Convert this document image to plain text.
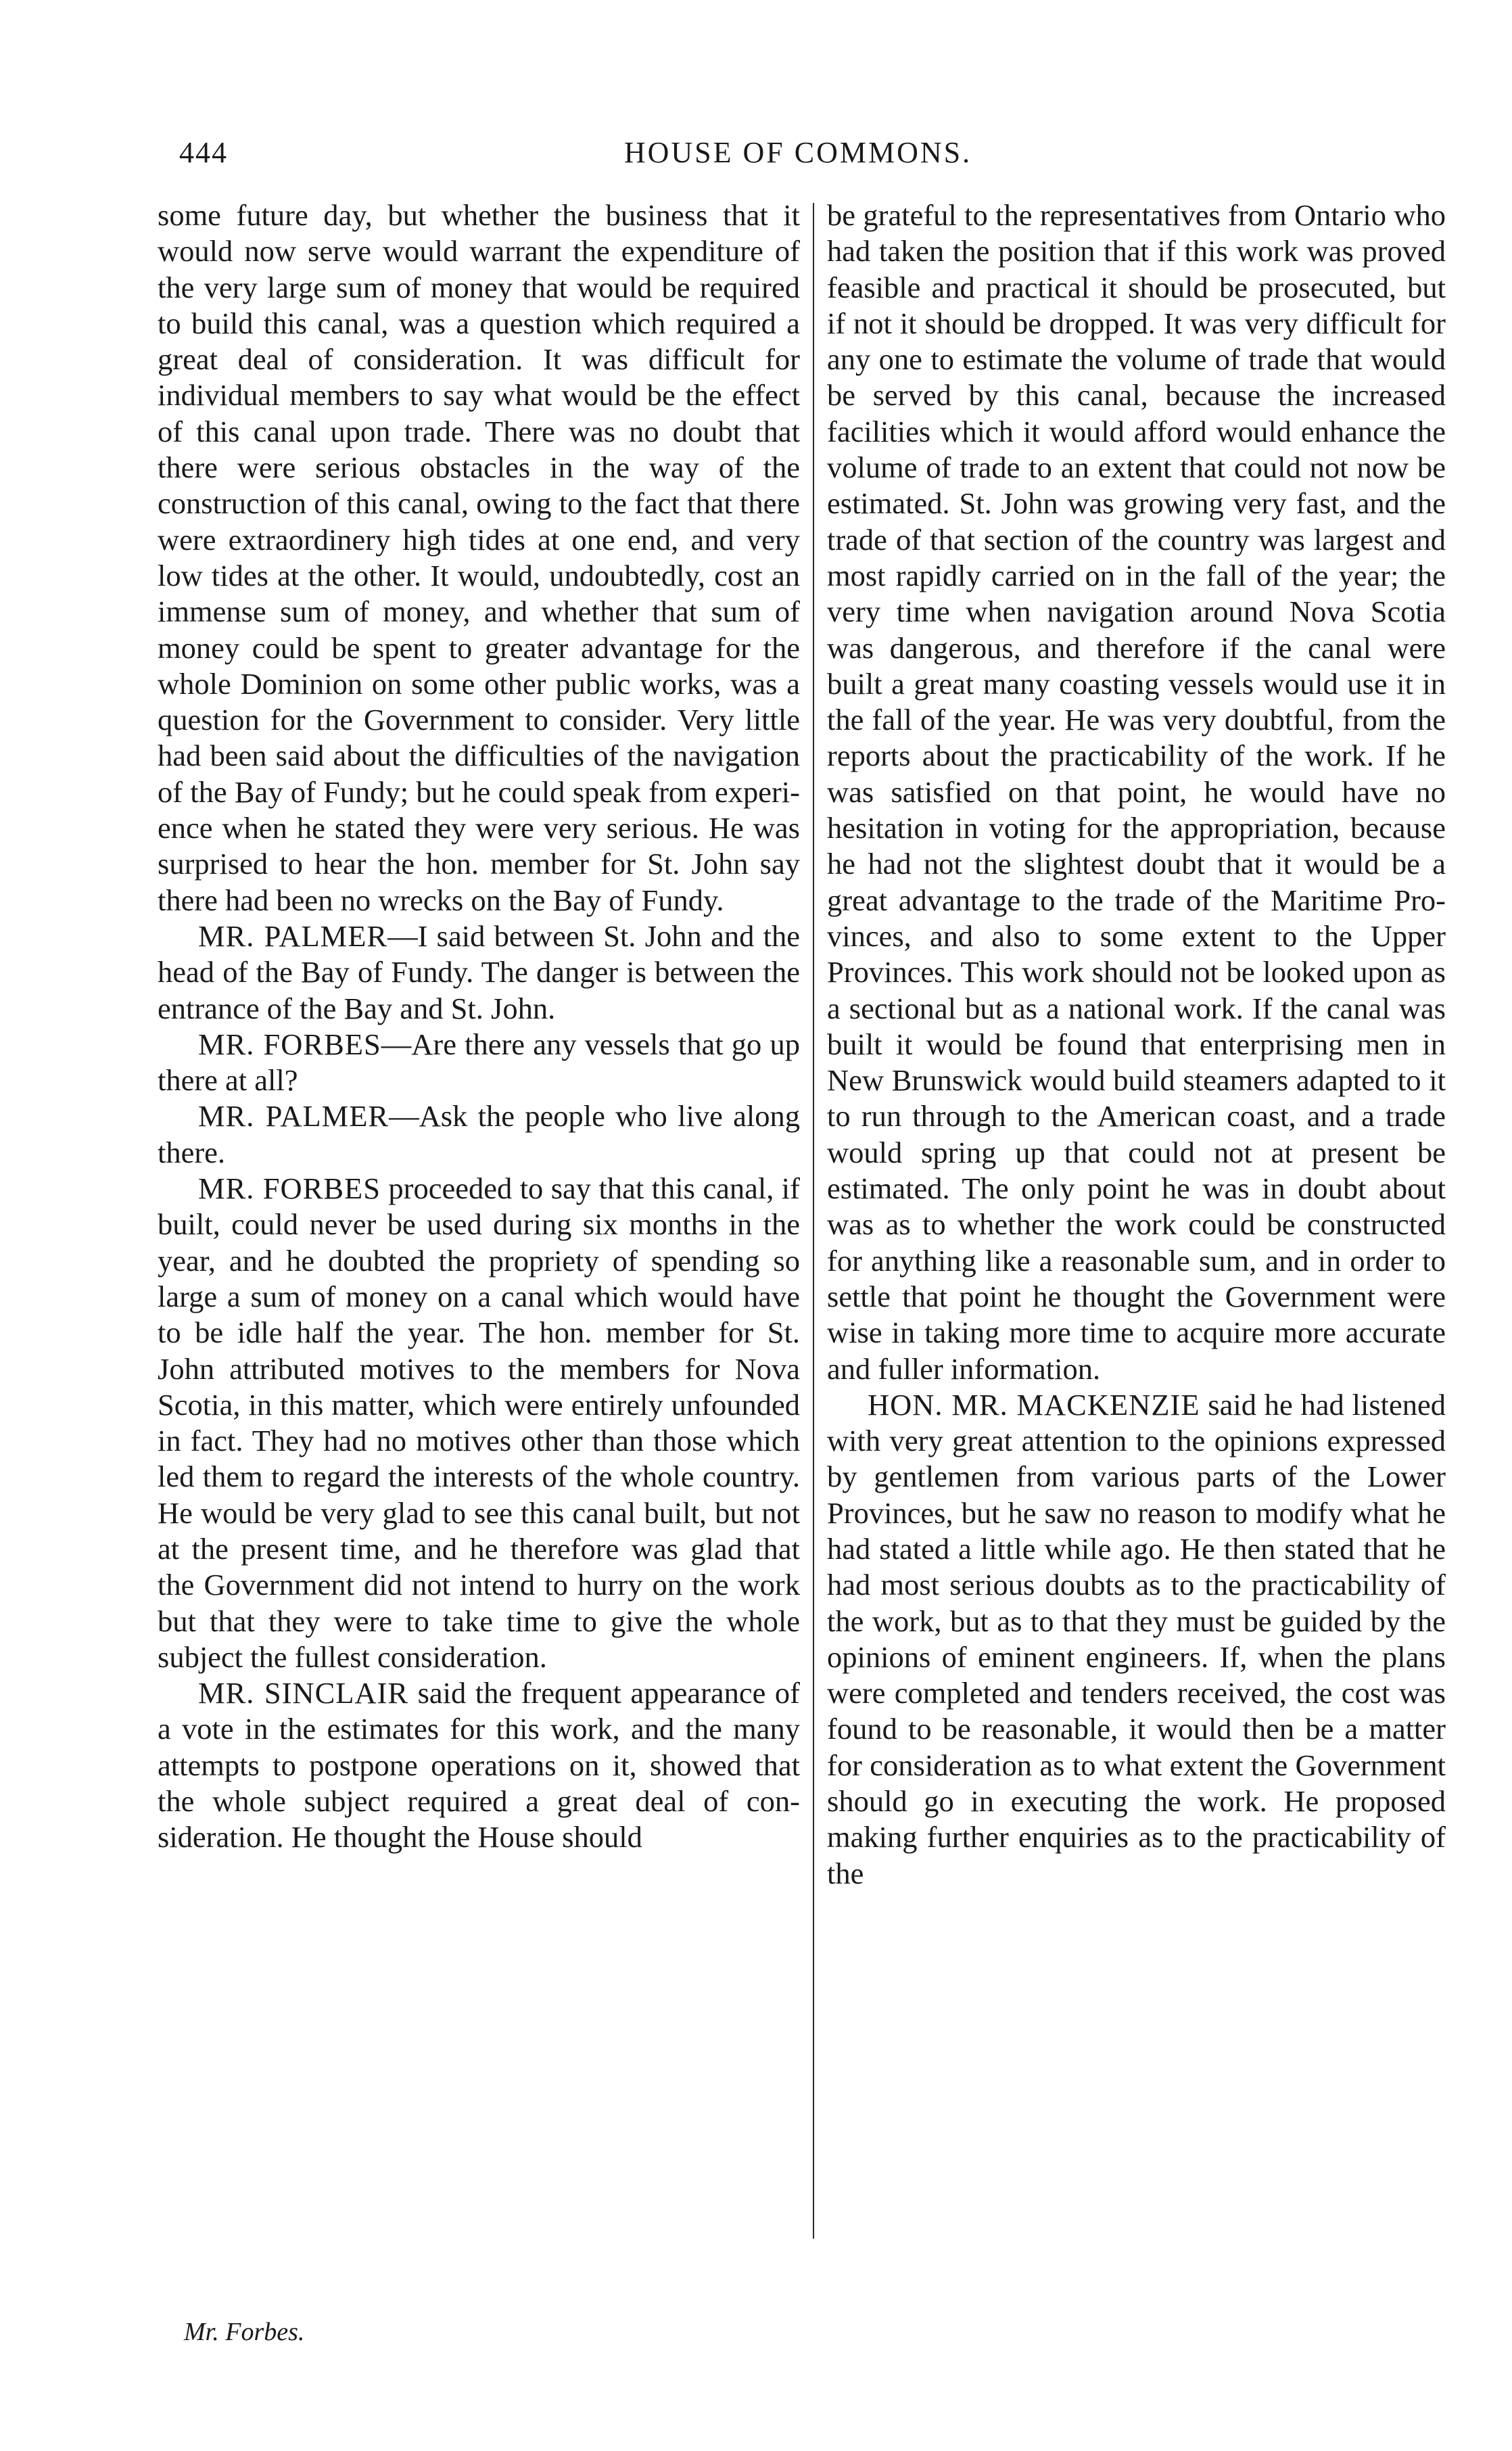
444	HOUSE OF COMMONS.

some future day, but whether the business that it would now serve would warrant the expenditure of the very large sum of money that would be required to build this canal, was a question which required a great deal of consideration. It was difficult for individual members to say what would be the effect of this canal upon trade. There was no doubt that there were serious obstacles in the way of the construction of this canal, owing to the fact that there were extraordinery high tides at one end, and very low tides at the other. It would, undoubtedly, cost an immense sum of money, and whether that sum of money could be spent to greater advantage for the whole Dominion on some other public works, was a question for the Government to consider. Very little had been said about the difficulties of the navigation of the Bay of Fundy; but he could speak from experience when he stated they were very serious. He was surprised to hear the hon. member for St. John say there had been no wrecks on the Bay of Fundy.

MR. PALMER—I said between St. John and the head of the Bay of Fundy. The danger is between the entrance of the Bay and St. John.

MR. FORBES—Are there any vessels that go up there at all?

MR. PALMER—Ask the people who live along there.

MR. FORBES proceeded to say that this canal, if built, could never be used during six months in the year, and he doubted the propriety of spending so large a sum of money on a canal which would have to be idle half the year. The hon. member for St. John attributed motives to the members for Nova Scotia, in this matter, which were entirely unfounded in fact. They had no motives other than those which led them to regard the interests of the whole country. He would be very glad to see this canal built, but not at the present time, and he therefore was glad that the Government did not intend to hurry on the work but that they were to take time to give the whole subject the fullest consideration.

MR. SINCLAIR said the frequent appearance of a vote in the estimates for this work, and the many attempts to postpone operations on it, showed that the whole subject required a great deal of consideration. He thought the House should

be grateful to the representatives from Ontario who had taken the position that if this work was proved feasible and practical it should be prosecuted, but if not it should be dropped. It was very difficult for any one to estimate the volume of trade that would be served by this canal, because the increased facilities which it would afford would enhance the volume of trade to an extent that could not now be estimated. St. John was growing very fast, and the trade of that section of the country was largest and most rapidly carried on in the fall of the year; the very time when navigation around Nova Scotia was dangerous, and therefore if the canal were built a great many coasting vessels would use it in the fall of the year. He was very doubtful, from the reports about the practicability of the work. If he was satisfied on that point, he would have no hesitation in voting for the appropriation, because he had not the slightest doubt that it would be a great advantage to the trade of the Maritime Provinces, and also to some extent to the Upper Provinces. This work should not be looked upon as a sectional but as a national work. If the canal was built it would be found that enterprising men in New Brunswick would build steamers adapted to it to run through to the American coast, and a trade would spring up that could not at present be estimated. The only point he was in doubt about was as to whether the work could be constructed for anything like a reasonable sum, and in order to settle that point he thought the Government were wise in taking more time to acquire more accurate and fuller information.

HON. MR. MACKENZIE said he had listened with very great attention to the opinions expressed by gentlemen from various parts of the Lower Provinces, but he saw no reason to modify what he had stated a little while ago. He then stated that he had most serious doubts as to the practicability of the work, but as to that they must be guided by the opinions of eminent engineers. If, when the plans were completed and tenders received, the cost was found to be reasonable, it would then be a matter for consideration as to what extent the Government should go in executing the work. He proposed making further enquiries as to the practicability of the

Mr. Forbes.
